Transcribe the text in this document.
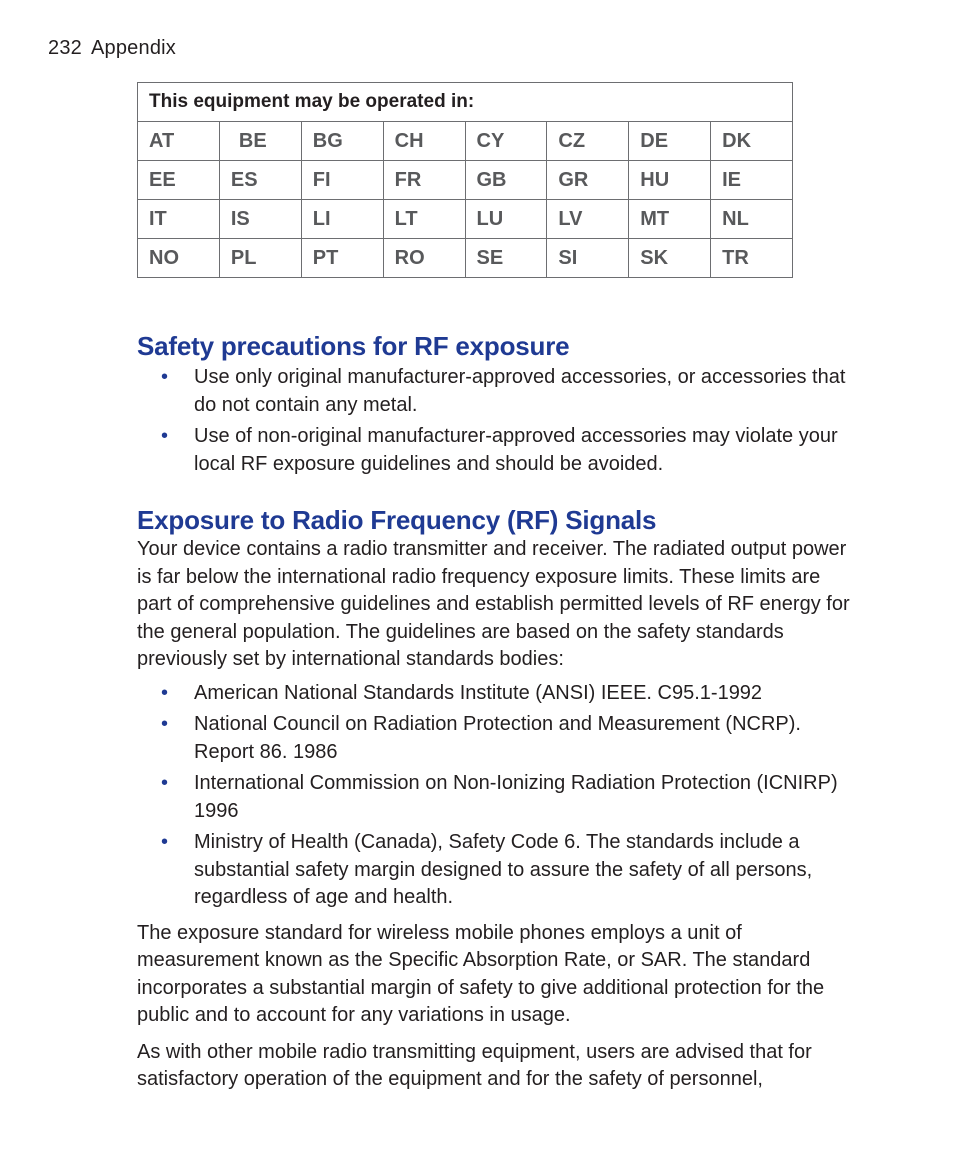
232 Appendix
This equipment may be operated in:							
AT	BE	BG	CH	CY	CZ	DE	DK
EE	ES	FI	FR	GB	GR	HU	IE
IT	IS	LI	LT	LU	LV	MT	NL
NO	PL	PT	RO	SE	SI	SK	TR
Safety precautions for RF exposure
• Use only original manufacturer-approved accessories, or accessories that do not contain any metal.
• Use of non-original manufacturer-approved accessories may violate your local RF exposure guidelines and should be avoided.
Exposure to Radio Frequency (RF) Signals

Your device contains a radio transmitter and receiver. The radiated output power is far below the international radio frequency exposure limits. These limits are part of comprehensive guidelines and establish permitted levels of RF energy for the general population. The guidelines are based on the safety standards previously set by international standards bodies:

• American National Standards Institute (ANSI) IEEE. C95.1-1992
• National Council on Radiation Protection and Measurement (NCRP). Report 86. 1986
• International Commission on Non-Ionizing Radiation Protection (ICNIRP) 1996
• Ministry of Health (Canada), Safety Code 6. The standards include a substantial safety margin designed to assure the safety of all persons, regardless of age and health.

The exposure standard for wireless mobile phones employs a unit of measurement known as the Specific Absorption Rate, or SAR. The standard incorporates a substantial margin of safety to give additional protection for the public and to account for any variations in usage.

As with other mobile radio transmitting equipment, users are advised that for satisfactory operation of the equipment and for the safety of personnel,
